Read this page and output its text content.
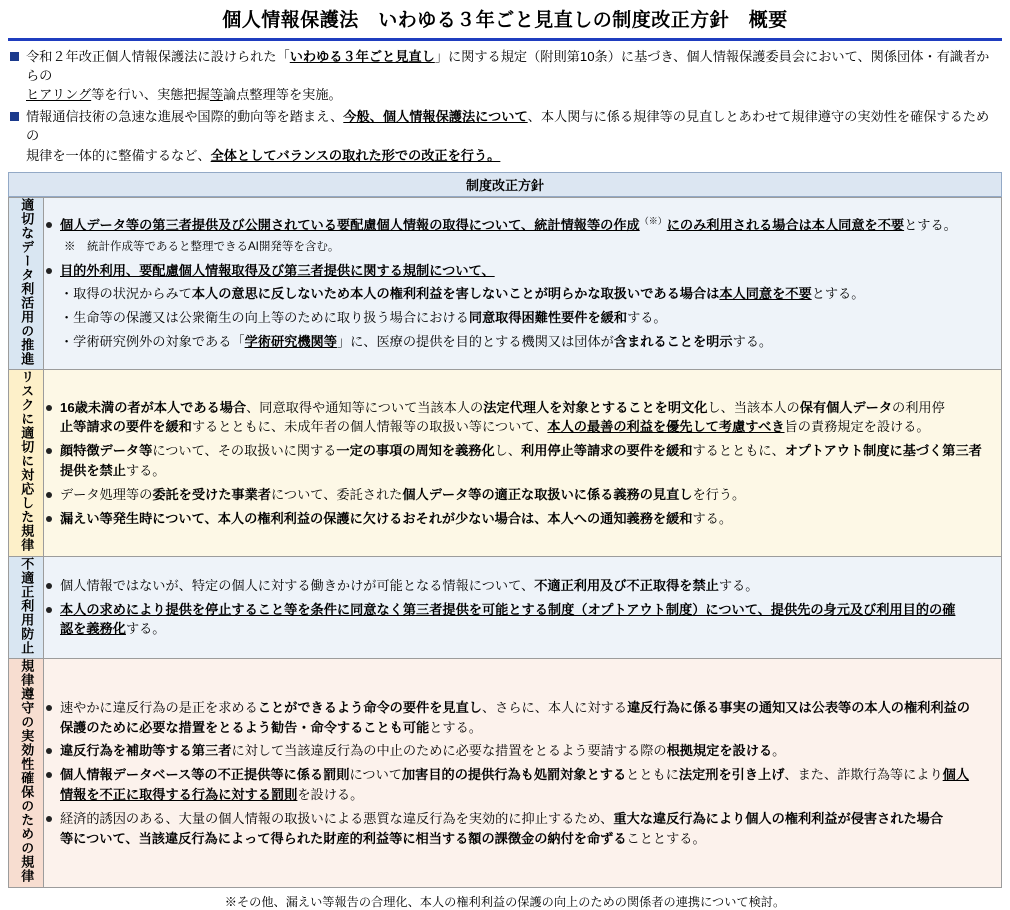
個人情報保護法　いわゆる３年ごと見直しの制度改正方針　概要
令和２年改正個人情報保護法に設けられた「いわゆる３年ごと見直し」に関する規定（附則第10条）に基づき、個人情報保護委員会において、関係団体・有識者からの
ヒアリング等を行い、実態把握等論点整理等を実施。
情報通信技術の急速な進展や国際的動向等を踏まえ、今般、個人情報保護法について、本人関与に係る規律等の見直しとあわせて規律遵守の実効性を確保するための
規律を一体的に整備するなど、全体としてバランスの取れた形での改正を行う。
制度改正方針
適切なデータ利活用の推進	個人データ等の第三者提供及び公開されている要配慮個人情報の取得について、統計情報等の作成（※）にのみ利用される場合は本人同意を不要とする。
※　統計作成等であると整理できるAI開発等を含む。
目的外利用、要配慮個人情報取得及び第三者提供に関する規制について、
・取得の状況からみて本人の意思に反しないため本人の権利利益を害しないことが明らかな取扱いである場合は本人同意を不要とする。
・生命等の保護又は公衆衛生の向上等のために取り扱う場合における同意取得困難性要件を緩和する。
・学術研究例外の対象である「学術研究機関等」に、医療の提供を目的とする機関又は団体が含まれることを明示する。

リスクに適切に対応した規律	16歳未満の者が本人である場合、同意取得や通知等について当該本人の法定代理人を対象とすることを明文化し、当該本人の保有個人データの利用停
止等請求の要件を緩和するとともに、未成年者の個人情報等の取扱い等について、本人の最善の利益を優先して考慮すべき旨の責務規定を設ける。
顔特徴データ等について、その取扱いに関する一定の事項の周知を義務化し、利用停止等請求の要件を緩和するとともに、オプトアウト制度に基づく第三者
提供を禁止する。
データ処理等の委託を受けた事業者について、委託された個人データ等の適正な取扱いに係る義務の見直しを行う。
漏えい等発生時について、本人の権利利益の保護に欠けるおそれが少ない場合は、本人への通知義務を緩和する。

不適正利用防止	個人情報ではないが、特定の個人に対する働きかけが可能となる情報について、不適正利用及び不正取得を禁止する。
本人の求めにより提供を停止すること等を条件に同意なく第三者提供を可能とする制度（オプトアウト制度）について、提供先の身元及び利用目的の確
認を義務化する。

規律遵守の実効性確保のための規律	速やかに違反行為の是正を求めることができるよう命令の要件を見直し、さらに、本人に対する違反行為に係る事実の通知又は公表等の本人の権利利益の
保護のために必要な措置をとるよう勧告・命令することも可能とする。
違反行為を補助等する第三者に対して当該違反行為の中止のために必要な措置をとるよう要請する際の根拠規定を設ける。
個人情報データベース等の不正提供等に係る罰則について加害目的の提供行為も処罰対象とするとともに法定刑を引き上げ、また、詐欺行為等により個人
情報を不正に取得する行為に対する罰則を設ける。
経済的誘因のある、大量の個人情報の取扱いによる悪質な違反行為を実効的に抑止するため、重大な違反行為により個人の権利利益が侵害された場合
等について、当該違反行為によって得られた財産的利益等に相当する額の課徴金の納付を命ずることとする。
※その他、漏えい等報告の合理化、本人の権利利益の保護の向上のための関係者の連携について検討。
